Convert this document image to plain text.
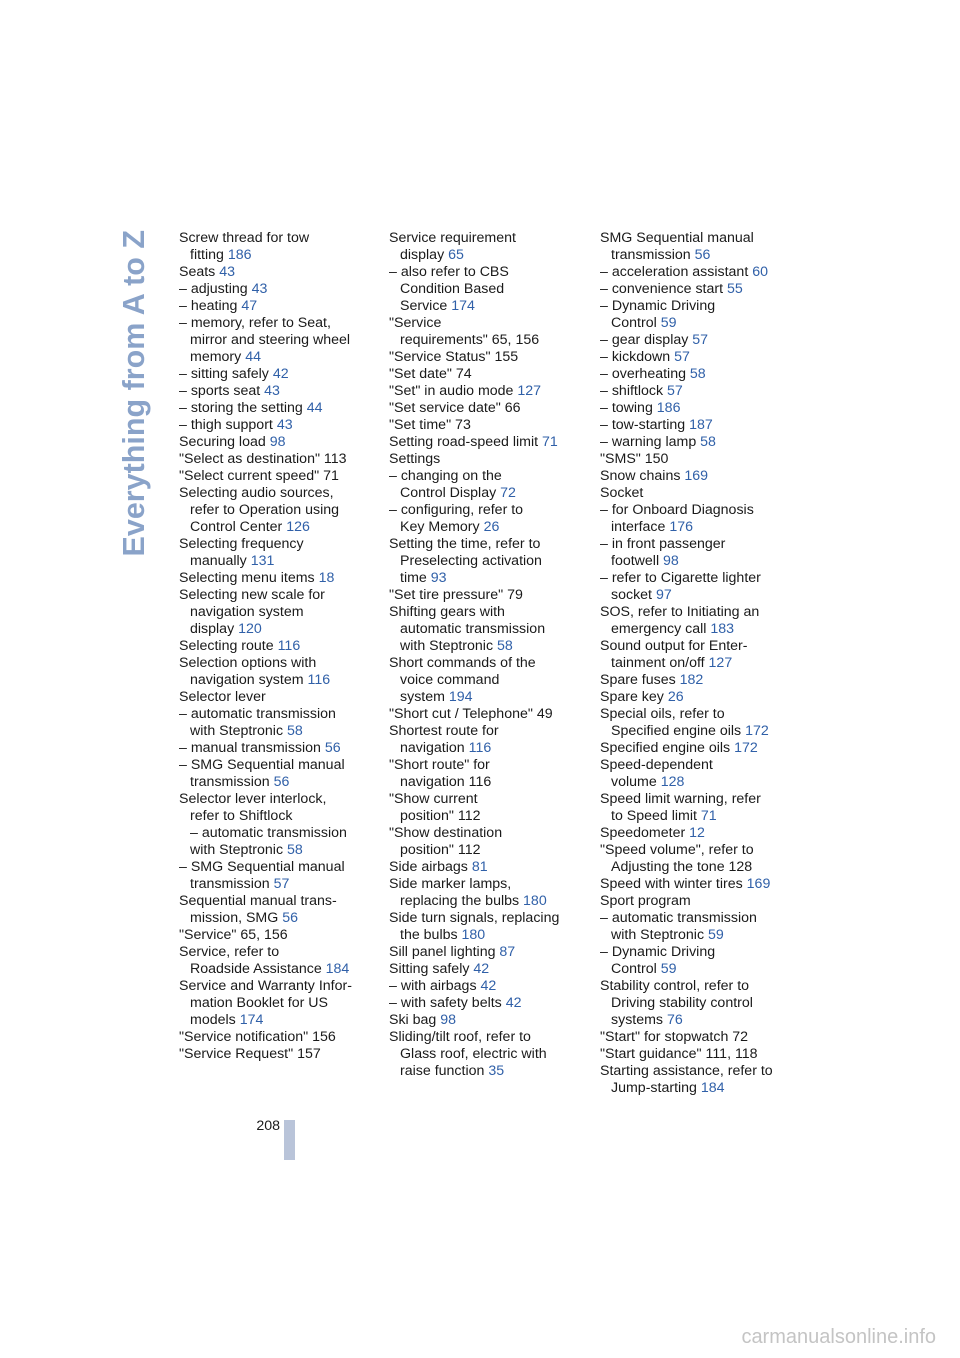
Everything from A to Z Screw thread for tow
fitting 186
Seats 43
– adjusting 43
– heating 47
– memory, refer to Seat,
mirror and steering wheel
memory 44
– sitting safely 42
– sports seat 43
– storing the setting 44
– thigh support 43
Securing load 98
"Select as destination" 113
"Select current speed" 71
Selecting audio sources,
refer to Operation using
Control Center 126
Selecting frequency
manually 131
Selecting menu items 18
Selecting new scale for
navigation system
display 120
Selecting route 116
Selection options with
navigation system 116
Selector lever
– automatic transmission
with Steptronic 58
– manual transmission 56
– SMG Sequential manual
transmission 56
Selector lever interlock,
refer to Shiftlock
– automatic transmission
with Steptronic 58
– SMG Sequential manual
transmission 57
Sequential manual trans-
mission, SMG 56
"Service" 65, 156
Service, refer to
Roadside Assistance 184
Service and Warranty Infor-
mation Booklet for US
models 174
"Service notification" 156
"Service Request" 157
Service requirement
display 65
– also refer to CBS
Condition Based
Service 174
"Service
requirements" 65, 156
"Service Status" 155
"Set date" 74
"Set" in audio mode 127
"Set service date" 66
"Set time" 73
Setting road-speed limit 71
Settings
– changing on the
Control Display 72
– configuring, refer to
Key Memory 26
Setting the time, refer to
Preselecting activation
time 93
"Set tire pressure" 79
Shifting gears with
automatic transmission
with Steptronic 58
Short commands of the
voice command
system 194
"Short cut / Telephone" 49
Shortest route for
navigation 116
"Short route" for
navigation 116
"Show current
position" 112
"Show destination
position" 112
Side airbags 81
Side marker lamps,
replacing the bulbs 180
Side turn signals, replacing
the bulbs 180
Sill panel lighting 87
Sitting safely 42
– with airbags 42
– with safety belts 42
Ski bag 98
Sliding/tilt roof, refer to
Glass roof, electric with
raise function 35
SMG Sequential manual
transmission 56
– acceleration assistant 60
– convenience start 55
– Dynamic Driving
Control 59
– gear display 57
– kickdown 57
– overheating 58
– shiftlock 57
– towing 186
– tow-starting 187
– warning lamp 58
"SMS" 150
Snow chains 169
Socket
– for Onboard Diagnosis
interface 176
– in front passenger
footwell 98
– refer to Cigarette lighter
socket 97
SOS, refer to Initiating an
emergency call 183
Sound output for Enter-
tainment on/off 127
Spare fuses 182
Spare key 26
Special oils, refer to
Specified engine oils 172
Specified engine oils 172
Speed-dependent
volume 128
Speed limit warning, refer
to Speed limit 71
Speedometer 12
"Speed volume", refer to
Adjusting the tone 128
Speed with winter tires 169
Sport program
– automatic transmission
with Steptronic 59
– Dynamic Driving
Control 59
Stability control, refer to
Driving stability control
systems 76
"Start" for stopwatch 72
"Start guidance" 111, 118
Starting assistance, refer to
Jump-starting 184
208
carmanualsonline.info
